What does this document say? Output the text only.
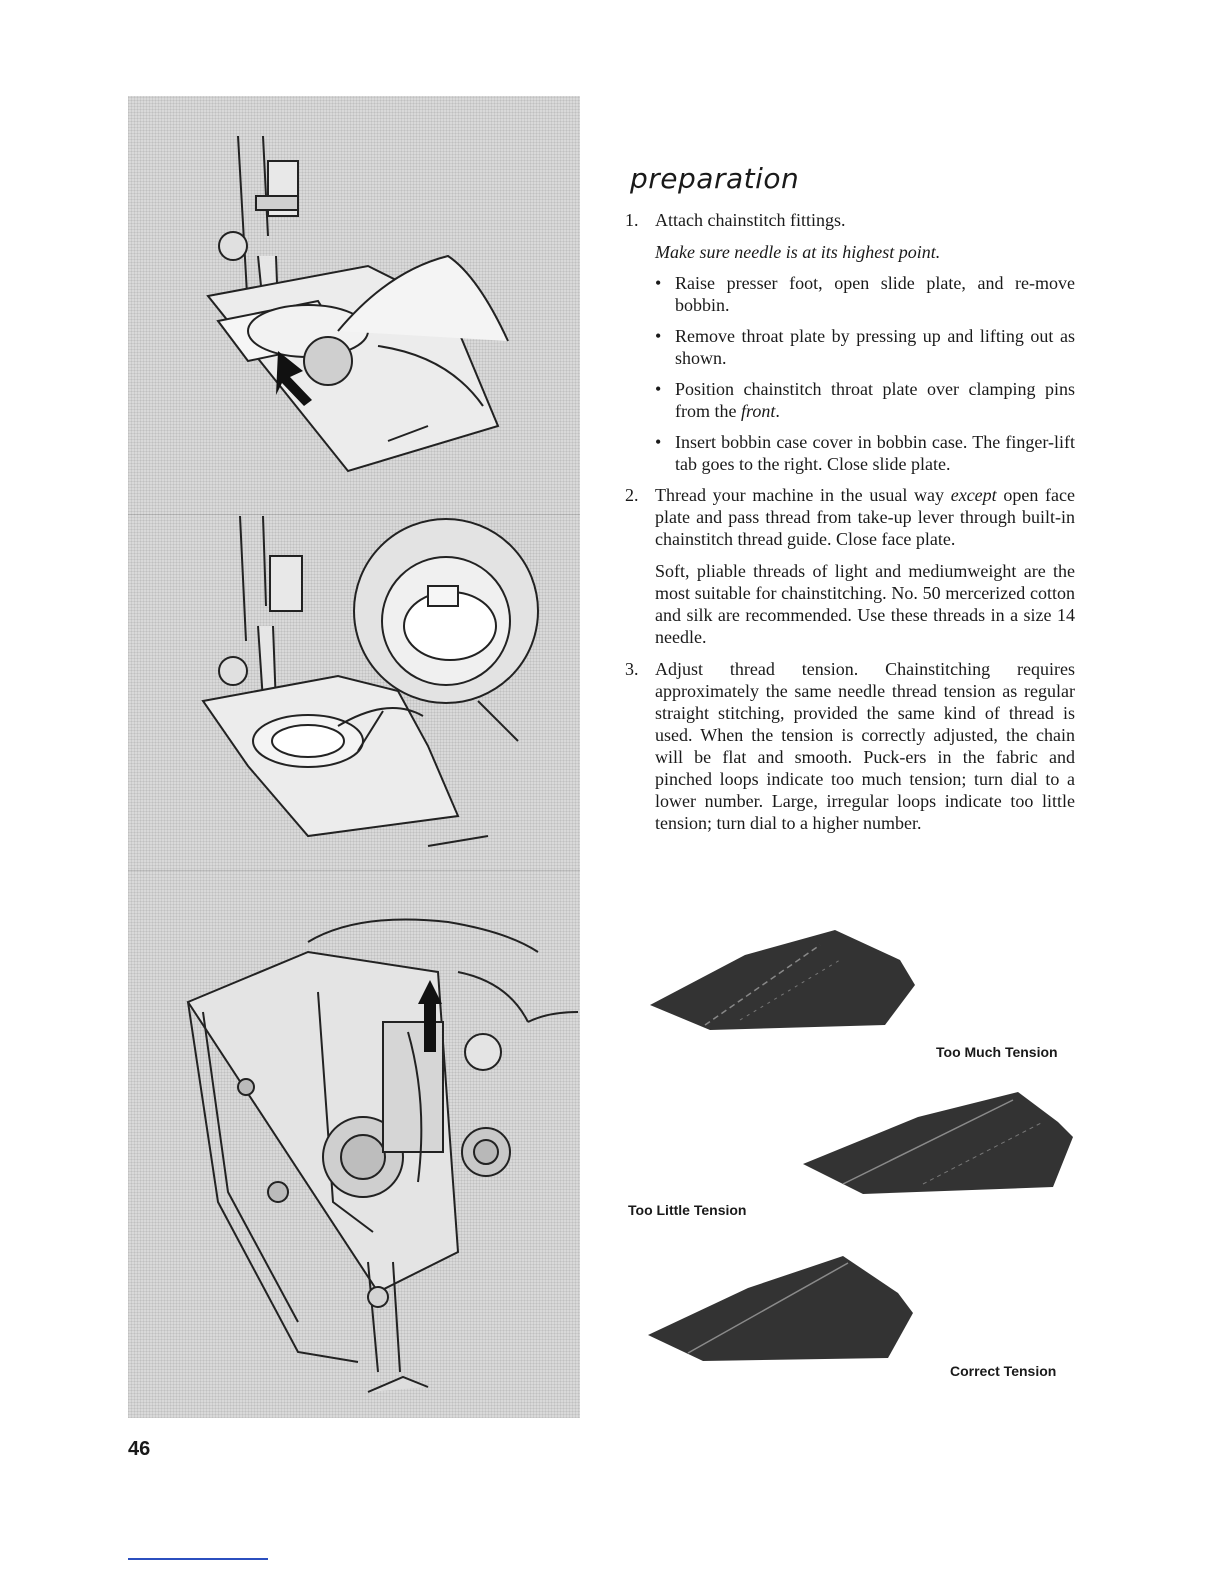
46
preparation
1. Attach chainstitch fittings.
Make sure needle is at its highest point.
• Raise presser foot, open slide plate, and re-move bobbin.
• Remove throat plate by pressing up and lifting out as shown.
• Position chainstitch throat plate over clamping pins from the front.
• Insert bobbin case cover in bobbin case. The finger-lift tab goes to the right. Close slide plate.
2. Thread your machine in the usual way except open face plate and pass thread from take-up lever through built-in chainstitch thread guide. Close face plate.
Soft, pliable threads of light and mediumweight are the most suitable for chainstitching. No. 50 mercerized cotton and silk are recommended. Use these threads in a size 14 needle.
3. Adjust thread tension. Chainstitching requires approximately the same needle thread tension as regular straight stitching, provided the same kind of thread is used. When the tension is correctly adjusted, the chain will be flat and smooth. Puck-ers in the fabric and pinched loops indicate too much tension; turn dial to a lower number. Large, irregular loops indicate too little tension; turn dial to a higher number.
Too Much Tension
Too Little Tension
Correct Tension
